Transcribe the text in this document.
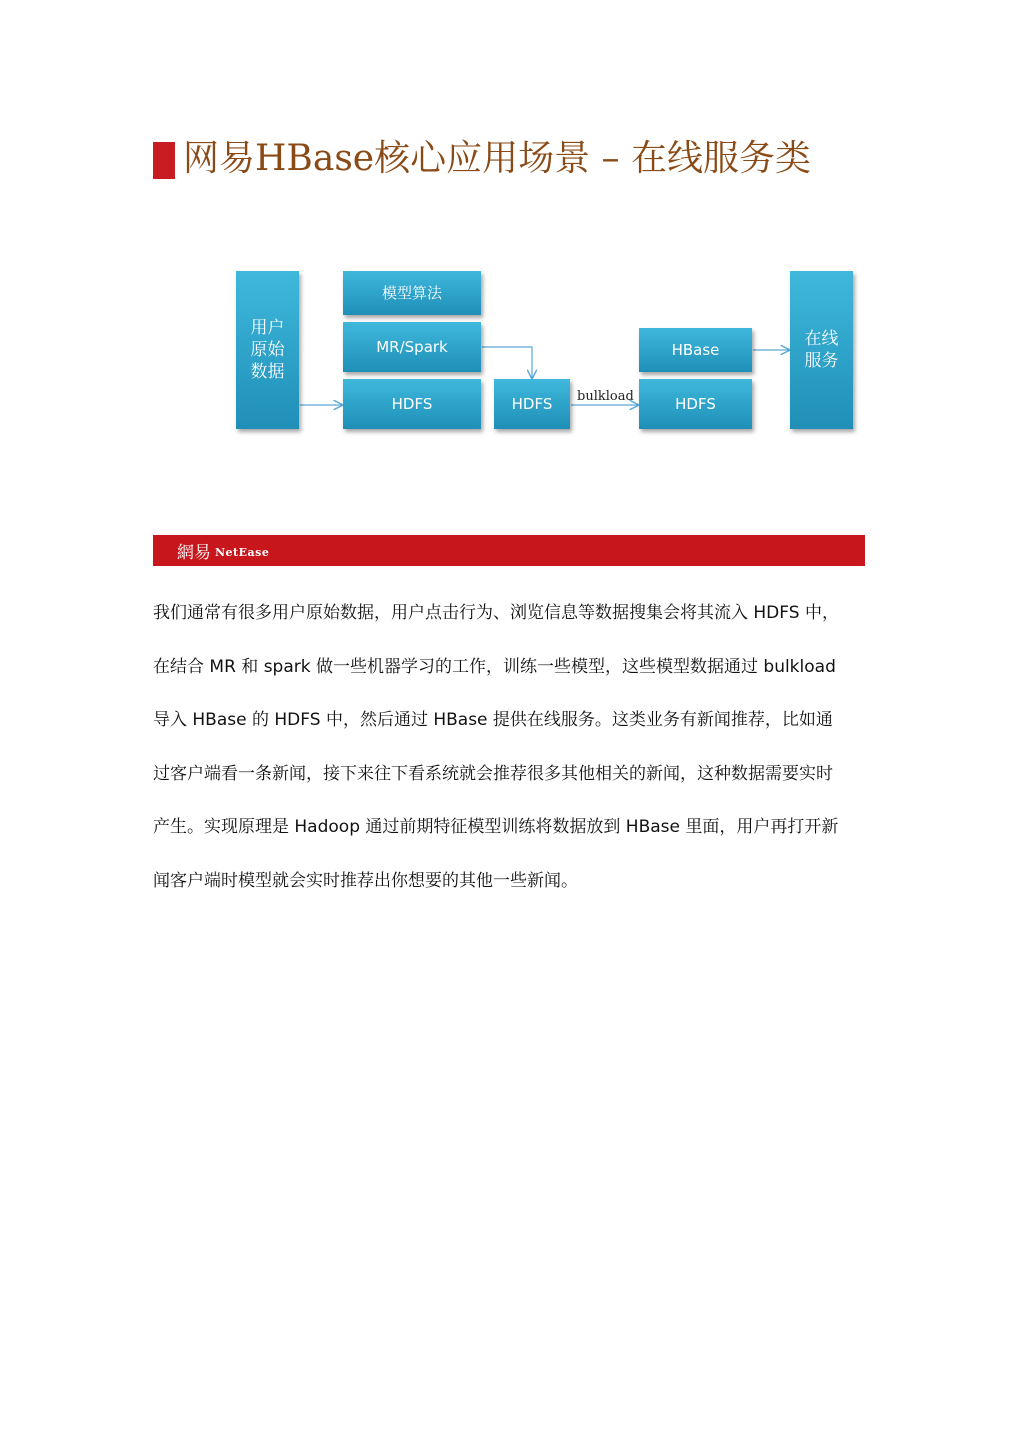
网易HBase核心应用场景 – 在线服务类
用户
原始
数据
模型算法
MR/Spark
HDFS	HDFS
HBase
HDFS
在线
服务
bulkload
網易 NetEase

我们通常有很多用户原始数据，用户点击行为、浏览信息等数据搜集会将其流入 HDFS 中，

在结合 MR 和 spark 做一些机器学习的工作，训练一些模型，这些模型数据通过 bulkload

导入 HBase 的 HDFS 中，然后通过 HBase 提供在线服务。这类业务有新闻推荐，比如通

过客户端看一条新闻，接下来往下看系统就会推荐很多其他相关的新闻，这种数据需要实时

产生。实现原理是 Hadoop 通过前期特征模型训练将数据放到 HBase 里面，用户再打开新

闻客户端时模型就会实时推荐出你想要的其他一些新闻。
